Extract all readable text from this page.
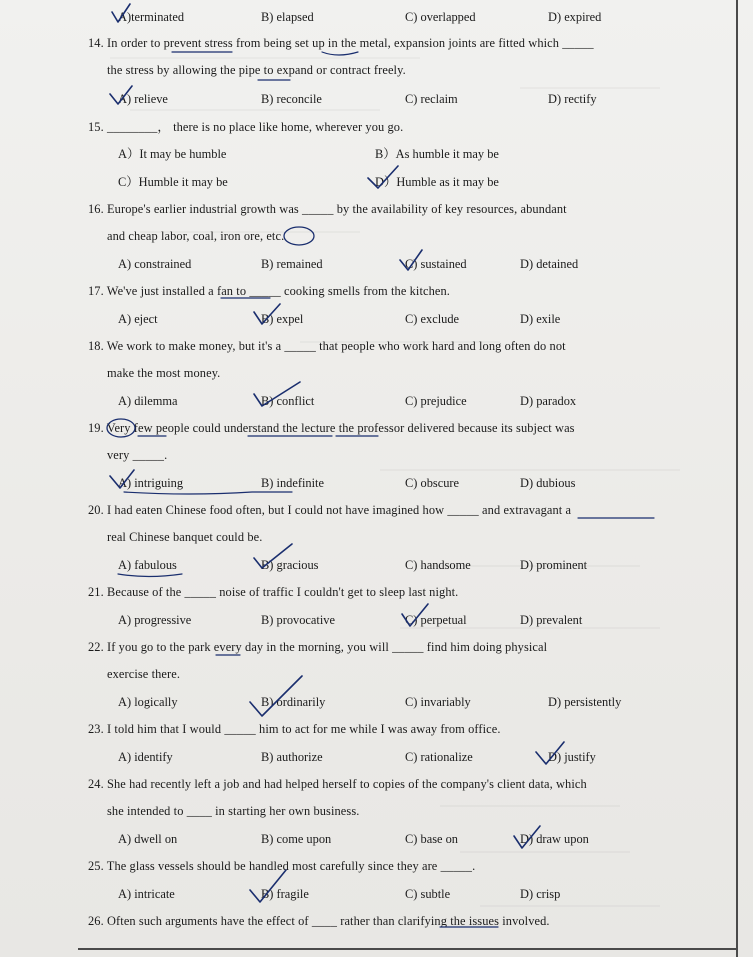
A)terminated	B) elapsed	C) overlapped	D) expired
14. In order to prevent stress from being set up in the metal, expansion joints are fitted which _____
the stress by allowing the pipe to expand or contract freely.
A) relieve	B) reconcile	C) reclaim	D) rectify
15. ________， there is no place like home, wherever you go.
A）It may be humble	B）As humble it may be
C）Humble it may be	D）Humble as it may be
16. Europe's earlier industrial growth was _____ by the availability of key resources, abundant
and cheap labor, coal, iron ore, etc.
A) constrained	B) remained	C) sustained	D) detained
17. We've just installed a fan to _____ cooking smells from the kitchen.
A) eject	B) expel	C) exclude	D) exile
18. We work to make money, but it's a _____ that people who work hard and long often do not
make the most money.
A) dilemma	B) conflict	C) prejudice	D) paradox
19. Very few people could understand the lecture the professor delivered because its subject was
very _____.
A) intriguing	B) indefinite	C) obscure	D) dubious
20. I had eaten Chinese food often, but I could not have imagined how _____ and extravagant a
real Chinese banquet could be.
A) fabulous	B) gracious	C) handsome	D) prominent
21. Because of the _____ noise of traffic I couldn't get to sleep last night.
A) progressive	B) provocative	C) perpetual	D) prevalent
22. If you go to the park every day in the morning, you will _____ find him doing physical
exercise there.
A) logically	B) ordinarily	C) invariably	D) persistently
23. I told him that I would _____ him to act for me while I was away from office.
A) identify	B) authorize	C) rationalize	D) justify
24. She had recently left a job and had helped herself to copies of the company's client data, which
she intended to ____ in starting her own business.
A) dwell on	B) come upon	C) base on	D) draw upon
25. The glass vessels should be handled most carefully since they are _____.
A) intricate	B) fragile	C) subtle	D) crisp
26. Often such arguments have the effect of ____ rather than clarifying the issues involved.
